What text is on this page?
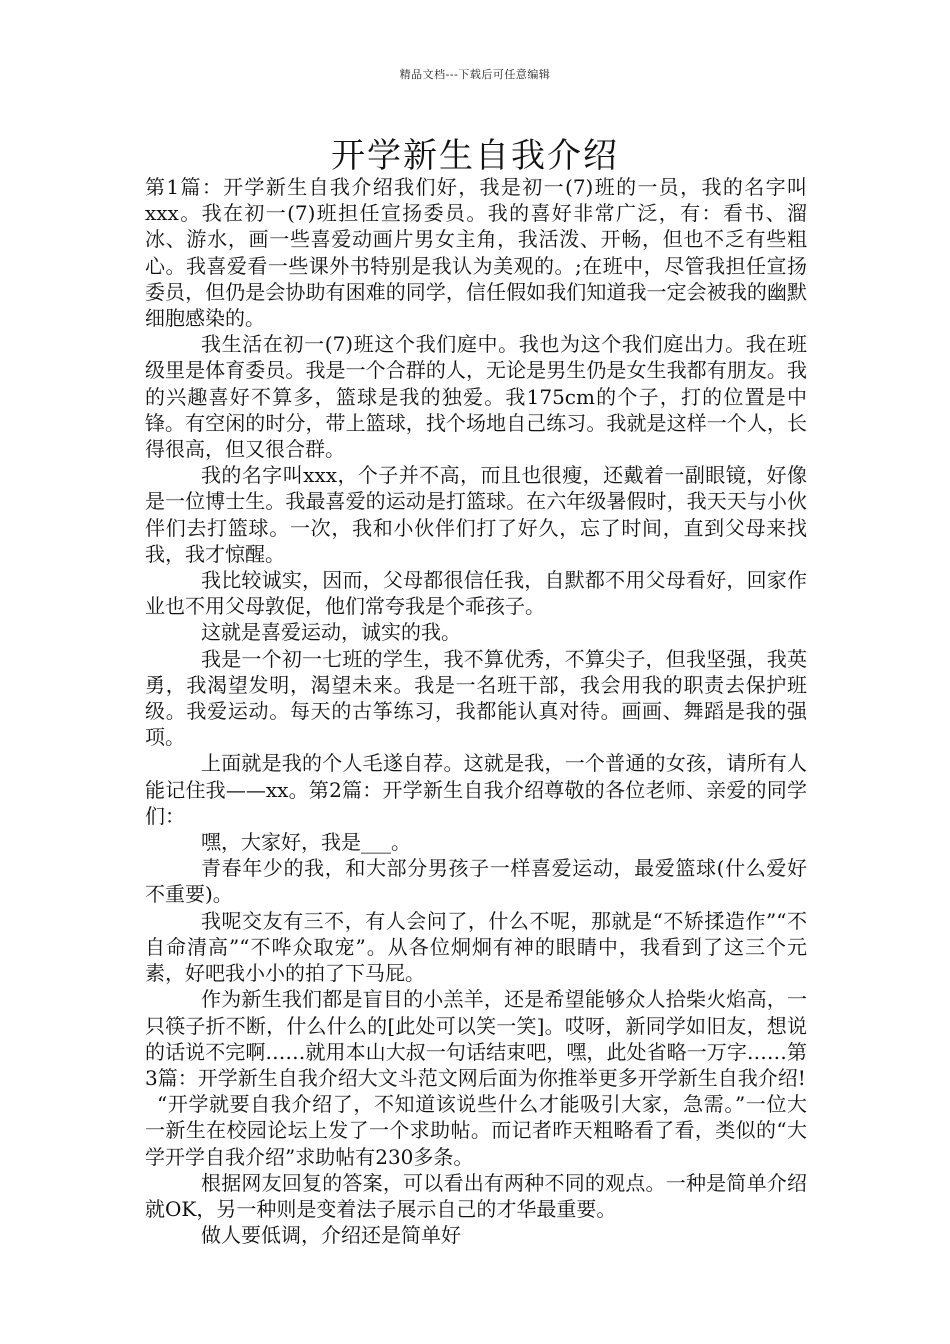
精品文档---下载后可任意编辑
开学新生自我介绍

第1篇：开学新生自我介绍我们好，我是初一(7)班的一员，我的名字叫xxx。我在初一(7)班担任宣扬委员。我的喜好非常广泛，有：看书、溜冰、游水，画一些喜爱动画片男女主角，我活泼、开畅，但也不乏有些粗心。我喜爱看一些课外书特别是我认为美观的。;在班中，尽管我担任宣扬委员，但仍是会协助有困难的同学，信任假如我们知道我一定会被我的幽默细胞感染的。

我生活在初一(7)班这个我们庭中。我也为这个我们庭出力。我在班级里是体育委员。我是一个合群的人，无论是男生仍是女生我都有朋友。我的兴趣喜好不算多，篮球是我的独爱。我175cm的个子，打的位置是中锋。有空闲的时分，带上篮球，找个场地自己练习。我就是这样一个人，长得很高，但又很合群。

我的名字叫xxx，个子并不高，而且也很瘦，还戴着一副眼镜，好像是一位博士生。我最喜爱的运动是打篮球。在六年级暑假时，我天天与小伙伴们去打篮球。一次，我和小伙伴们打了好久，忘了时间，直到父母来找我，我才惊醒。

我比较诚实，因而，父母都很信任我，自默都不用父母看好，回家作业也不用父母敦促，他们常夸我是个乖孩子。

这就是喜爱运动，诚实的我。

我是一个初一七班的学生，我不算优秀，不算尖子，但我坚强，我英勇，我渴望发明，渴望未来。我是一名班干部，我会用我的职责去保护班级。我爱运动。每天的古筝练习，我都能认真对待。画画、舞蹈是我的强项。

上面就是我的个人毛遂自荐。这就是我，一个普通的女孩，请所有人能记住我——xx。第2篇：开学新生自我介绍尊敬的各位老师、亲爱的同学们：

嘿，大家好，我是___。

青春年少的我，和大部分男孩子一样喜爱运动，最爱篮球(什么爱好不重要)。

我呢交友有三不，有人会问了，什么不呢，那就是“不矫揉造作”“不自命清高”“不哗众取宠”。从各位炯炯有神的眼睛中，我看到了这三个元素，好吧我小小的拍了下马屁。

作为新生我们都是盲目的小羔羊，还是希望能够众人拾柴火焰高，一只筷子折不断，什么什么的[此处可以笑一笑]。哎呀，新同学如旧友，想说的话说不完啊……就用本山大叔一句话结束吧，嘿，此处省略一万字……第3篇：开学新生自我介绍大文斗范文网后面为你推举更多开学新生自我介绍!

“开学就要自我介绍了，不知道该说些什么才能吸引大家，急需。”一位大一新生在校园论坛上发了一个求助帖。而记者昨天粗略看了看，类似的“大学开学自我介绍”求助帖有230多条。

根据网友回复的答案，可以看出有两种不同的观点。一种是简单介绍就OK，另一种则是变着法子展示自己的才华最重要。

做人要低调，介绍还是简单好
